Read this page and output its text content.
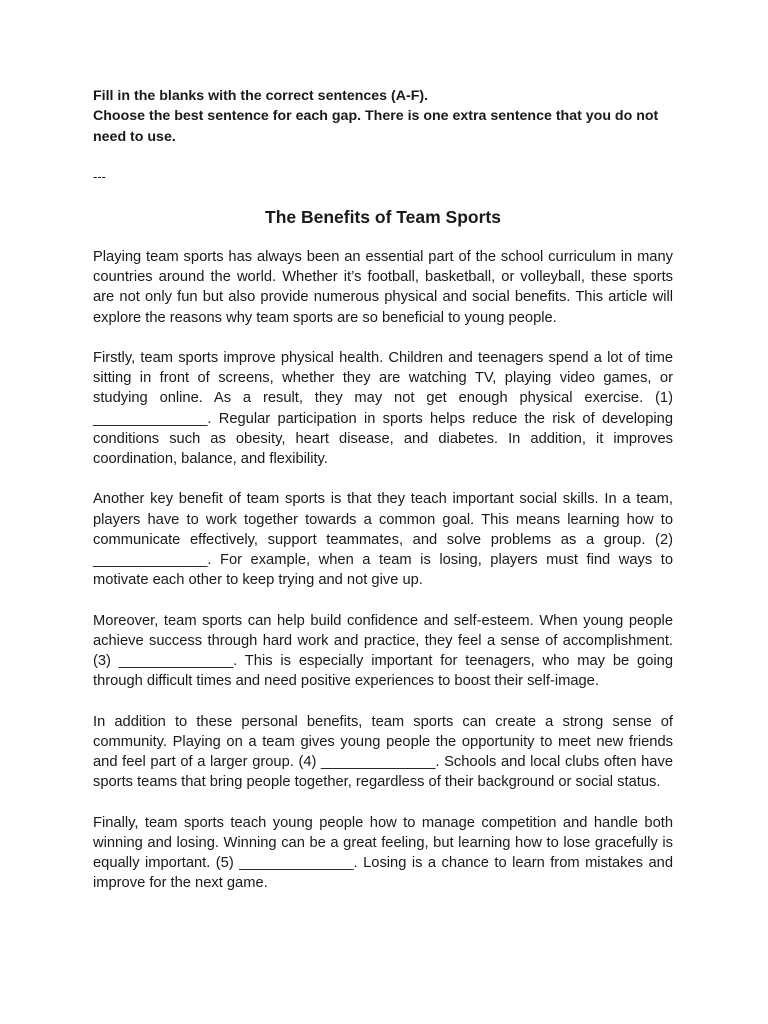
Fill in the blanks with the correct sentences (A-F).
Choose the best sentence for each gap. There is one extra sentence that you do not need to use.

---

The Benefits of Team Sports

Playing team sports has always been an essential part of the school curriculum in many countries around the world. Whether it’s football, basketball, or volleyball, these sports are not only fun but also provide numerous physical and social benefits. This article will explore the reasons why team sports are so beneficial to young people.

Firstly, team sports improve physical health. Children and teenagers spend a lot of time sitting in front of screens, whether they are watching TV, playing video games, or studying online. As a result, they may not get enough physical exercise. (1) ______________. Regular participation in sports helps reduce the risk of developing conditions such as obesity, heart disease, and diabetes. In addition, it improves coordination, balance, and flexibility.

Another key benefit of team sports is that they teach important social skills. In a team, players have to work together towards a common goal. This means learning how to communicate effectively, support teammates, and solve problems as a group. (2) ______________. For example, when a team is losing, players must find ways to motivate each other to keep trying and not give up.

Moreover, team sports can help build confidence and self-esteem. When young people achieve success through hard work and practice, they feel a sense of accomplishment. (3) ______________. This is especially important for teenagers, who may be going through difficult times and need positive experiences to boost their self-image.

In addition to these personal benefits, team sports can create a strong sense of community. Playing on a team gives young people the opportunity to meet new friends and feel part of a larger group. (4) ______________. Schools and local clubs often have sports teams that bring people together, regardless of their background or social status.

Finally, team sports teach young people how to manage competition and handle both winning and losing. Winning can be a great feeling, but learning how to lose gracefully is equally important. (5) ______________. Losing is a chance to learn from mistakes and improve for the next game.
